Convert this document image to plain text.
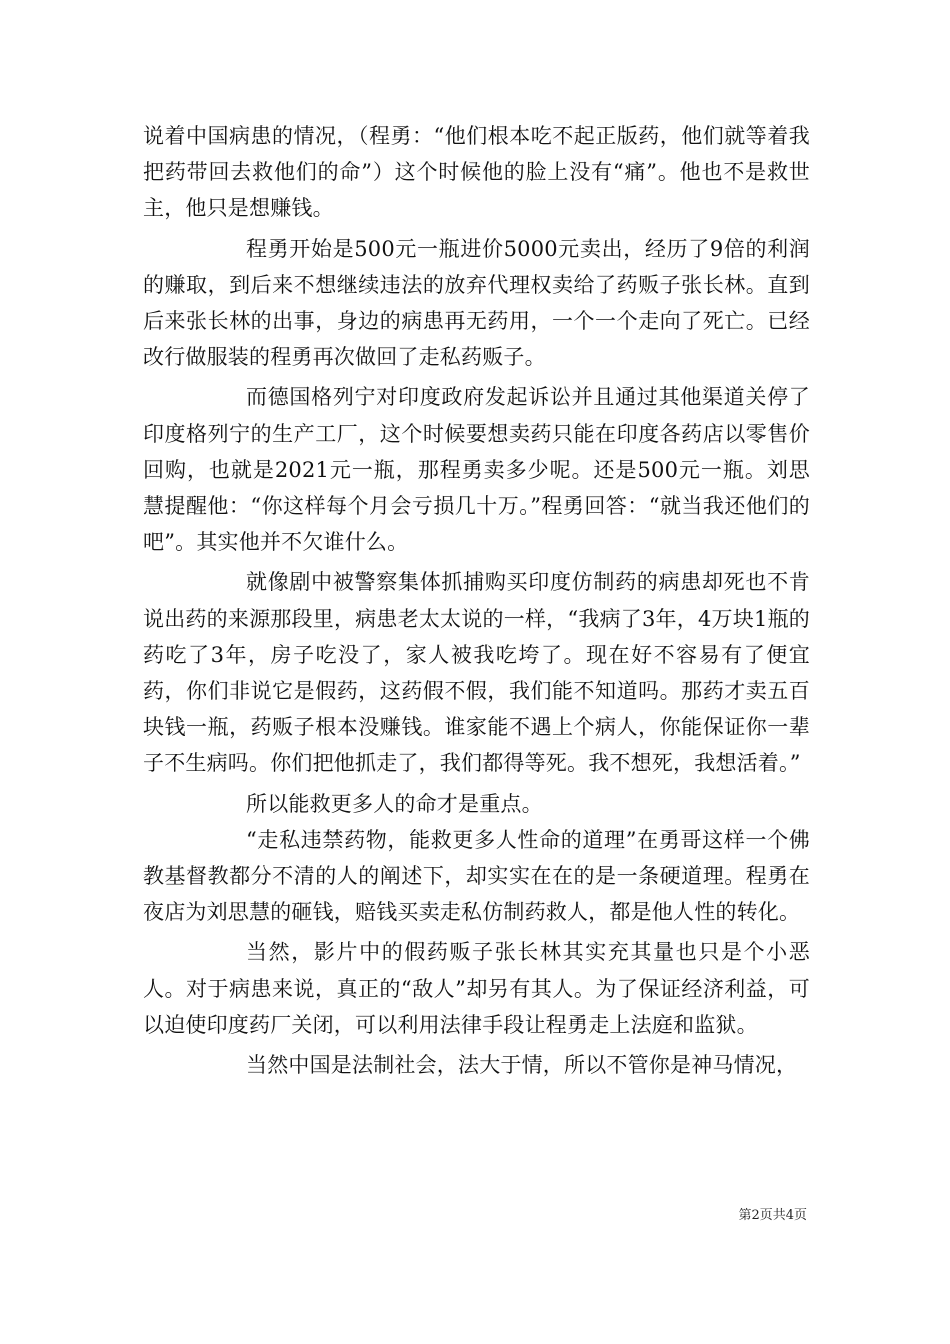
说着中国病患的情况，（程勇：“他们根本吃不起正版药，他们就等着我把药带回去救他们的命”）这个时候他的脸上没有“痛”。他也不是救世主，他只是想赚钱。

程勇开始是500元一瓶进价5000元卖出，经历了9倍的利润的赚取，到后来不想继续违法的放弃代理权卖给了药贩子张长林。直到后来张长林的出事，身边的病患再无药用，一个一个走向了死亡。已经改行做服装的程勇再次做回了走私药贩子。

而德国格列宁对印度政府发起诉讼并且通过其他渠道关停了印度格列宁的生产工厂，这个时候要想卖药只能在印度各药店以零售价回购，也就是2021元一瓶，那程勇卖多少呢。还是500元一瓶。刘思慧提醒他：“你这样每个月会亏损几十万。”程勇回答：“就当我还他们的吧”。其实他并不欠谁什么。

就像剧中被警察集体抓捕购买印度仿制药的病患却死也不肯说出药的来源那段里，病患老太太说的一样，“我病了3年，4万块1瓶的药吃了3年，房子吃没了，家人被我吃垮了。现在好不容易有了便宜药，你们非说它是假药，这药假不假，我们能不知道吗。那药才卖五百块钱一瓶，药贩子根本没赚钱。谁家能不遇上个病人，你能保证你一辈子不生病吗。你们把他抓走了，我们都得等死。我不想死，我想活着。”

所以能救更多人的命才是重点。

“走私违禁药物，能救更多人性命的道理”在勇哥这样一个佛教基督教都分不清的人的阐述下，却实实在在的是一条硬道理。程勇在夜店为刘思慧的砸钱，赔钱买卖走私仿制药救人，都是他人性的转化。

当然，影片中的假药贩子张长林其实充其量也只是个小恶人。对于病患来说，真正的“敌人”却另有其人。为了保证经济利益，可以迫使印度药厂关闭，可以利用法律手段让程勇走上法庭和监狱。

当然中国是法制社会，法大于情，所以不管你是神马情况，

第2页共4页
